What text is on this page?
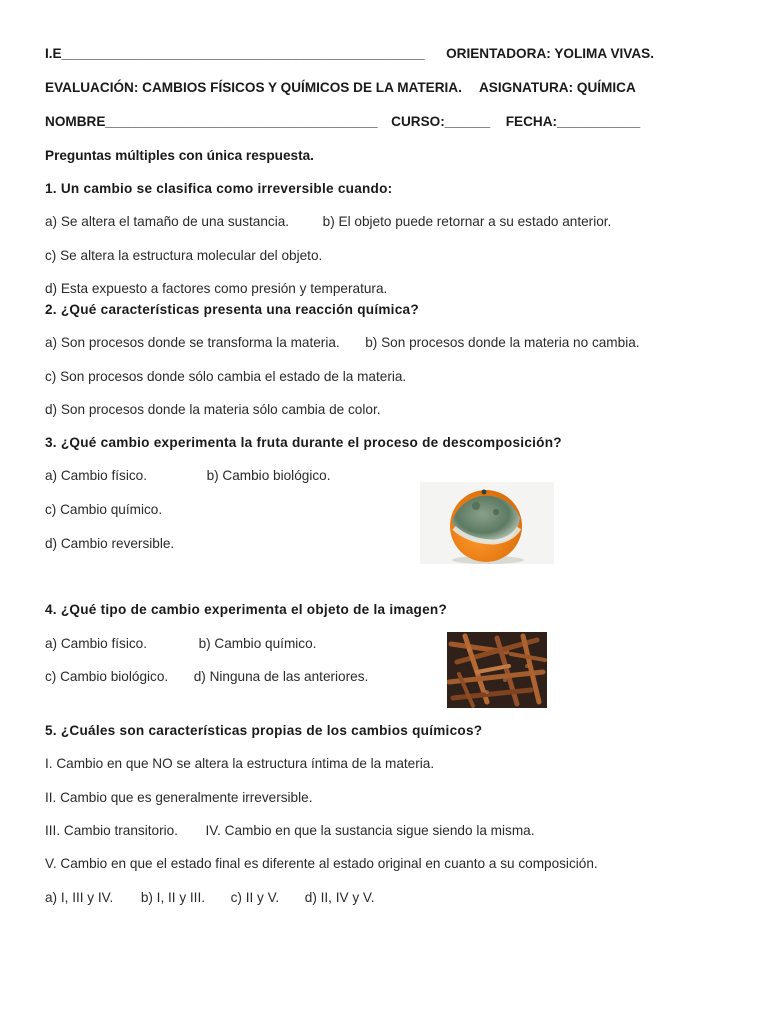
I.E________________________________________________ ORIENTADORA: YOLIMA VIVAS.
EVALUACIÓN: CAMBIOS FÍSICOS Y QUÍMICOS DE LA MATERIA. ASIGNATURA: QUÍMICA
NOMBRE____________________________________ CURSO:______ FECHA:___________
Preguntas múltiples con única respuesta.
1. Un cambio se clasifica como irreversible cuando:
a) Se altera el tamaño de una sustancia. b) El objeto puede retornar a su estado anterior.
c) Se altera la estructura molecular del objeto.
d) Esta expuesto a factores como presión y temperatura.
2. ¿Qué características presenta una reacción química?
a) Son procesos donde se transforma la materia. b) Son procesos donde la materia no cambia.
c) Son procesos donde sólo cambia el estado de la materia.
d) Son procesos donde la materia sólo cambia de color.
3. ¿Qué cambio experimenta la fruta durante el proceso de descomposición?
a) Cambio físico.	b) Cambio biológico.
c) Cambio químico.
d) Cambio reversible.
4. ¿Qué tipo de cambio experimenta el objeto de la imagen?
a) Cambio físico.	b) Cambio químico.
c) Cambio biológico. d) Ninguna de las anteriores.
5. ¿Cuáles son características propias de los cambios químicos?
I. Cambio en que NO se altera la estructura íntima de la materia.
II. Cambio que es generalmente irreversible.
III. Cambio transitorio. IV. Cambio en que la sustancia sigue siendo la misma.
V. Cambio en que el estado final es diferente al estado original en cuanto a su composición.
a) I, III y IV. b) I, II y III. c) II y V. d) II, IV y V.
